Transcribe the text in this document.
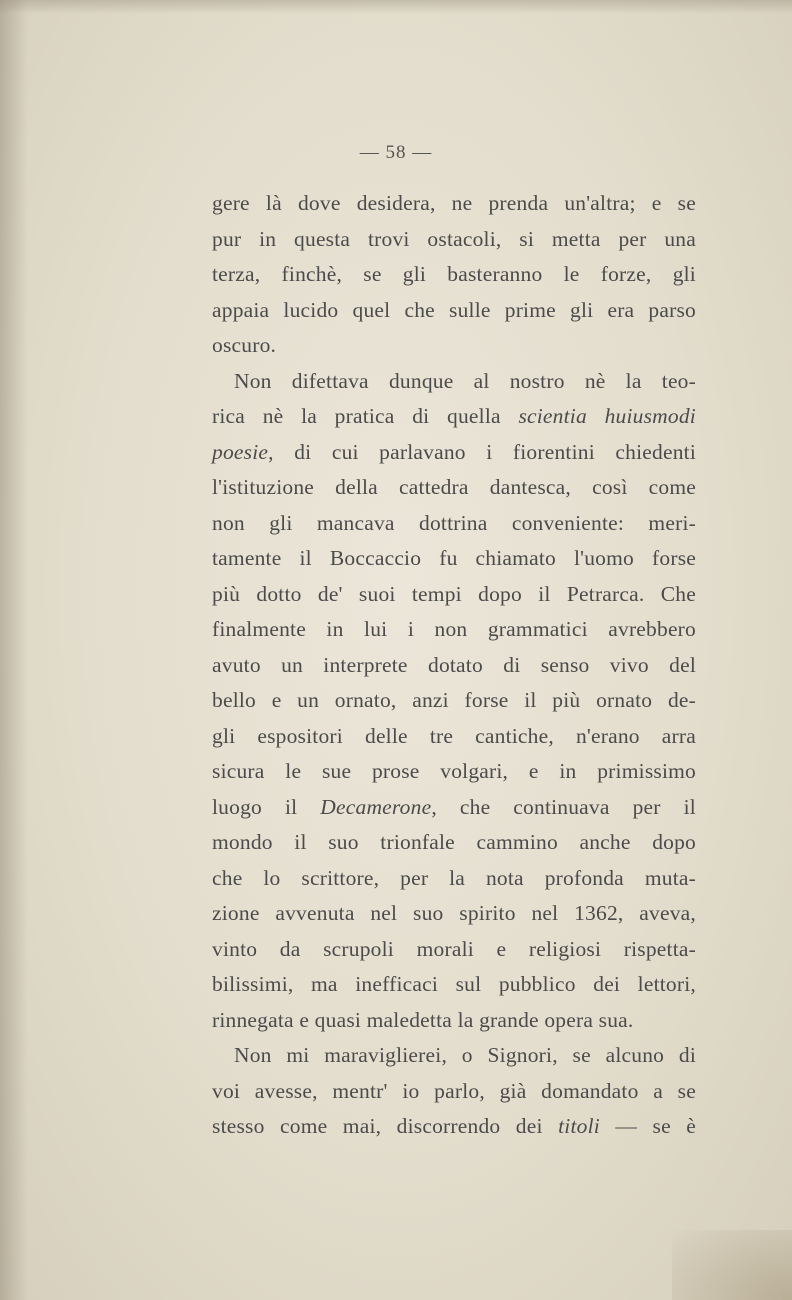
— 58 —
gere là dove desidera, ne prenda un'altra; e se
pur in questa trovi ostacoli, si metta per una
terza, finchè, se gli basteranno le forze, gli
appaia lucido quel che sulle prime gli era parso
oscuro.
Non difettava dunque al nostro nè la teo-
rica nè la pratica di quella scientia huiusmodi
poesie, di cui parlavano i fiorentini chiedenti
l'istituzione della cattedra dantesca, così come
non gli mancava dottrina conveniente: meri-
tamente il Boccaccio fu chiamato l'uomo forse
più dotto de' suoi tempi dopo il Petrarca. Che
finalmente in lui i non grammatici avrebbero
avuto un interprete dotato di senso vivo del
bello e un ornato, anzi forse il più ornato de-
gli espositori delle tre cantiche, n'erano arra
sicura le sue prose volgari, e in primissimo
luogo il Decamerone, che continuava per il
mondo il suo trionfale cammino anche dopo
che lo scrittore, per la nota profonda muta-
zione avvenuta nel suo spirito nel 1362, aveva,
vinto da scrupoli morali e religiosi rispetta-
bilissimi, ma inefficaci sul pubblico dei lettori,
rinnegata e quasi maledetta la grande opera sua.
Non mi maraviglierei, o Signori, se alcuno di
voi avesse, mentr' io parlo, già domandato a se
stesso come mai, discorrendo dei titoli — se è
